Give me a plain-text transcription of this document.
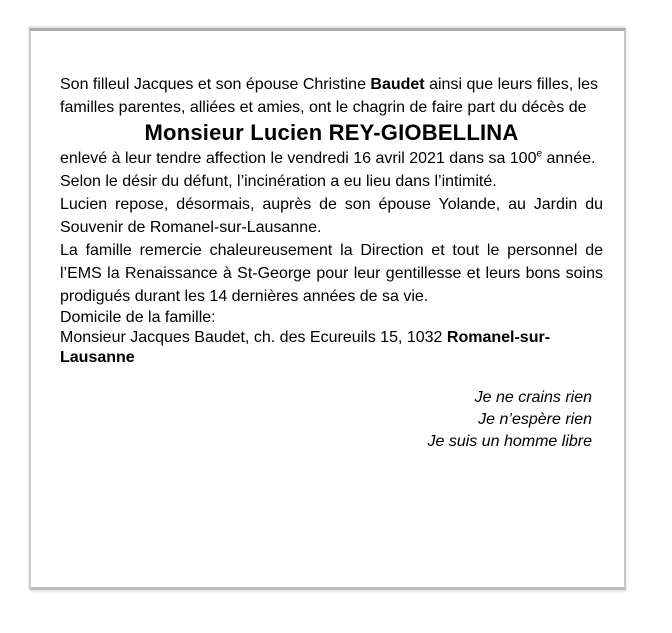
Son filleul Jacques et son épouse Christine Baudet ainsi que leurs filles, les familles parentes, alliées et amies, ont le chagrin de faire part du décès de

Monsieur Lucien REY-GIOBELLINA

enlevé à leur tendre affection le vendredi 16 avril 2021 dans sa 100e année.

Selon le désir du défunt, l’incinération a eu lieu dans l’intimité.

Lucien repose, désormais, auprès de son épouse Yolande, au Jardin du Souvenir de Romanel-sur-Lausanne.

La famille remercie chaleureusement la Direction et tout le personnel de l’EMS la Renaissance à St-George pour leur gentillesse et leurs bons soins prodigués durant les 14 dernières années de sa vie.

Domicile de la famille:
Monsieur Jacques Baudet, ch. des Ecureuils 15, 1032 Romanel-sur-Lausanne

Je ne crains rien
Je n’espère rien
Je suis un homme libre
